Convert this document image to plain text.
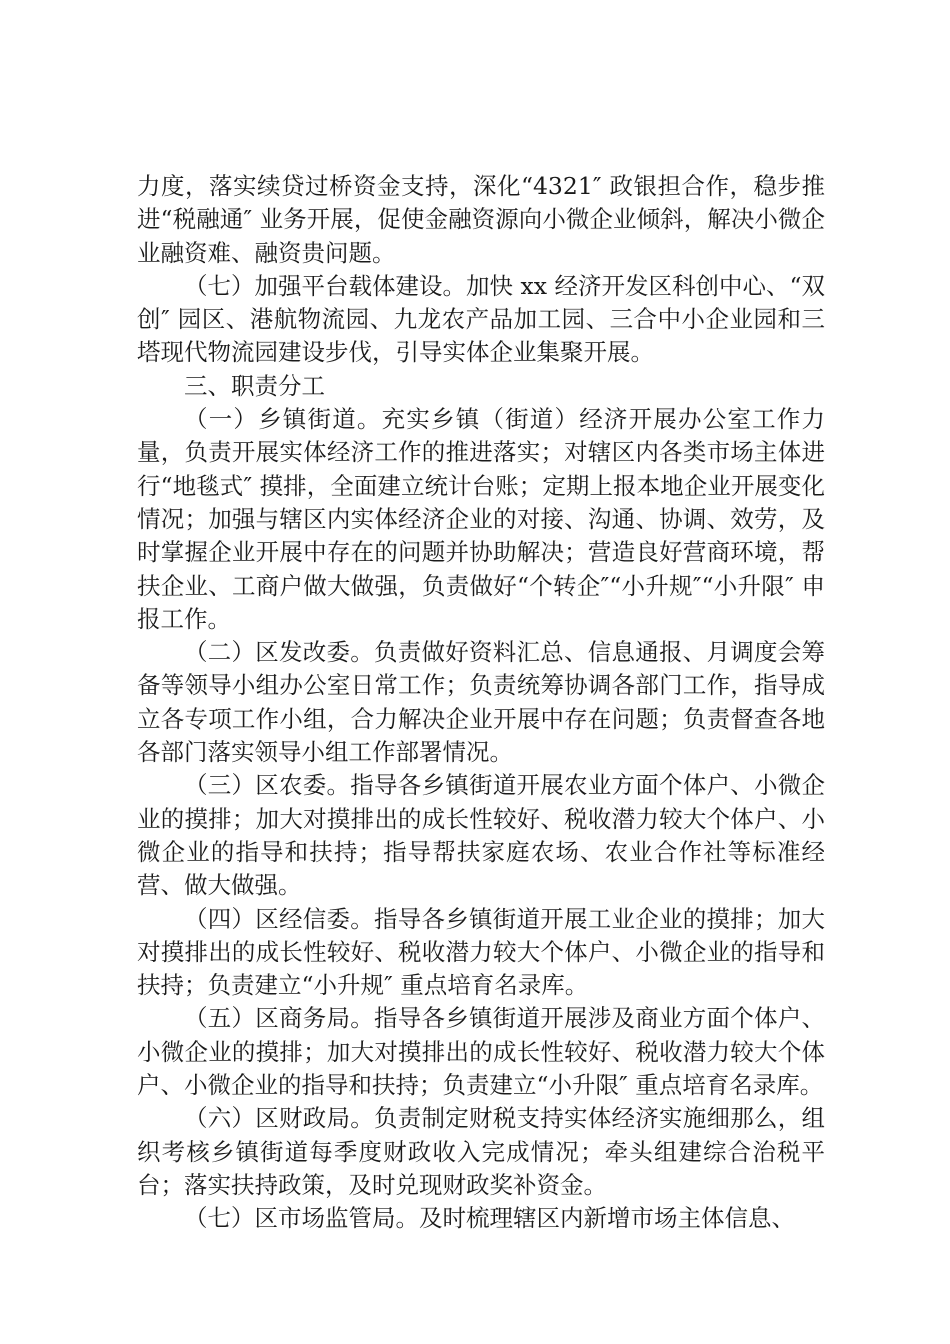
力度，落实续贷过桥资金支持，深化“4321″ 政银担合作，稳步推进“税融通″ 业务开展，促使金融资源向小微企业倾斜，解决小微企业融资难、融资贵问题。

（七）加强平台载体建设。加快 xx 经济开发区科创中心、“双创″ 园区、港航物流园、九龙农产品加工园、三合中小企业园和三塔现代物流园建设步伐，引导实体企业集聚开展。

三、职责分工

（一）乡镇街道。充实乡镇（街道）经济开展办公室工作力量，负责开展实体经济工作的推进落实；对辖区内各类市场主体进行“地毯式″ 摸排，全面建立统计台账；定期上报本地企业开展变化情况；加强与辖区内实体经济企业的对接、沟通、协调、效劳，及时掌握企业开展中存在的问题并协助解决；营造良好营商环境，帮扶企业、工商户做大做强，负责做好“个转企″“小升规″“小升限″ 申报工作。

（二）区发改委。负责做好资料汇总、信息通报、月调度会筹备等领导小组办公室日常工作；负责统筹协调各部门工作，指导成立各专项工作小组，合力解决企业开展中存在问题；负责督查各地各部门落实领导小组工作部署情况。

（三）区农委。指导各乡镇街道开展农业方面个体户、小微企业的摸排；加大对摸排出的成长性较好、税收潜力较大个体户、小微企业的指导和扶持；指导帮扶家庭农场、农业合作社等标准经营、做大做强。

（四）区经信委。指导各乡镇街道开展工业企业的摸排；加大对摸排出的成长性较好、税收潜力较大个体户、小微企业的指导和扶持；负责建立“小升规″ 重点培育名录库。

（五）区商务局。指导各乡镇街道开展涉及商业方面个体户、小微企业的摸排；加大对摸排出的成长性较好、税收潜力较大个体户、小微企业的指导和扶持；负责建立“小升限″ 重点培育名录库。

（六）区财政局。负责制定财税支持实体经济实施细那么，组织考核乡镇街道每季度财政收入完成情况；牵头组建综合治税平台；落实扶持政策，及时兑现财政奖补资金。

（七）区市场监管局。及时梳理辖区内新增市场主体信息、
